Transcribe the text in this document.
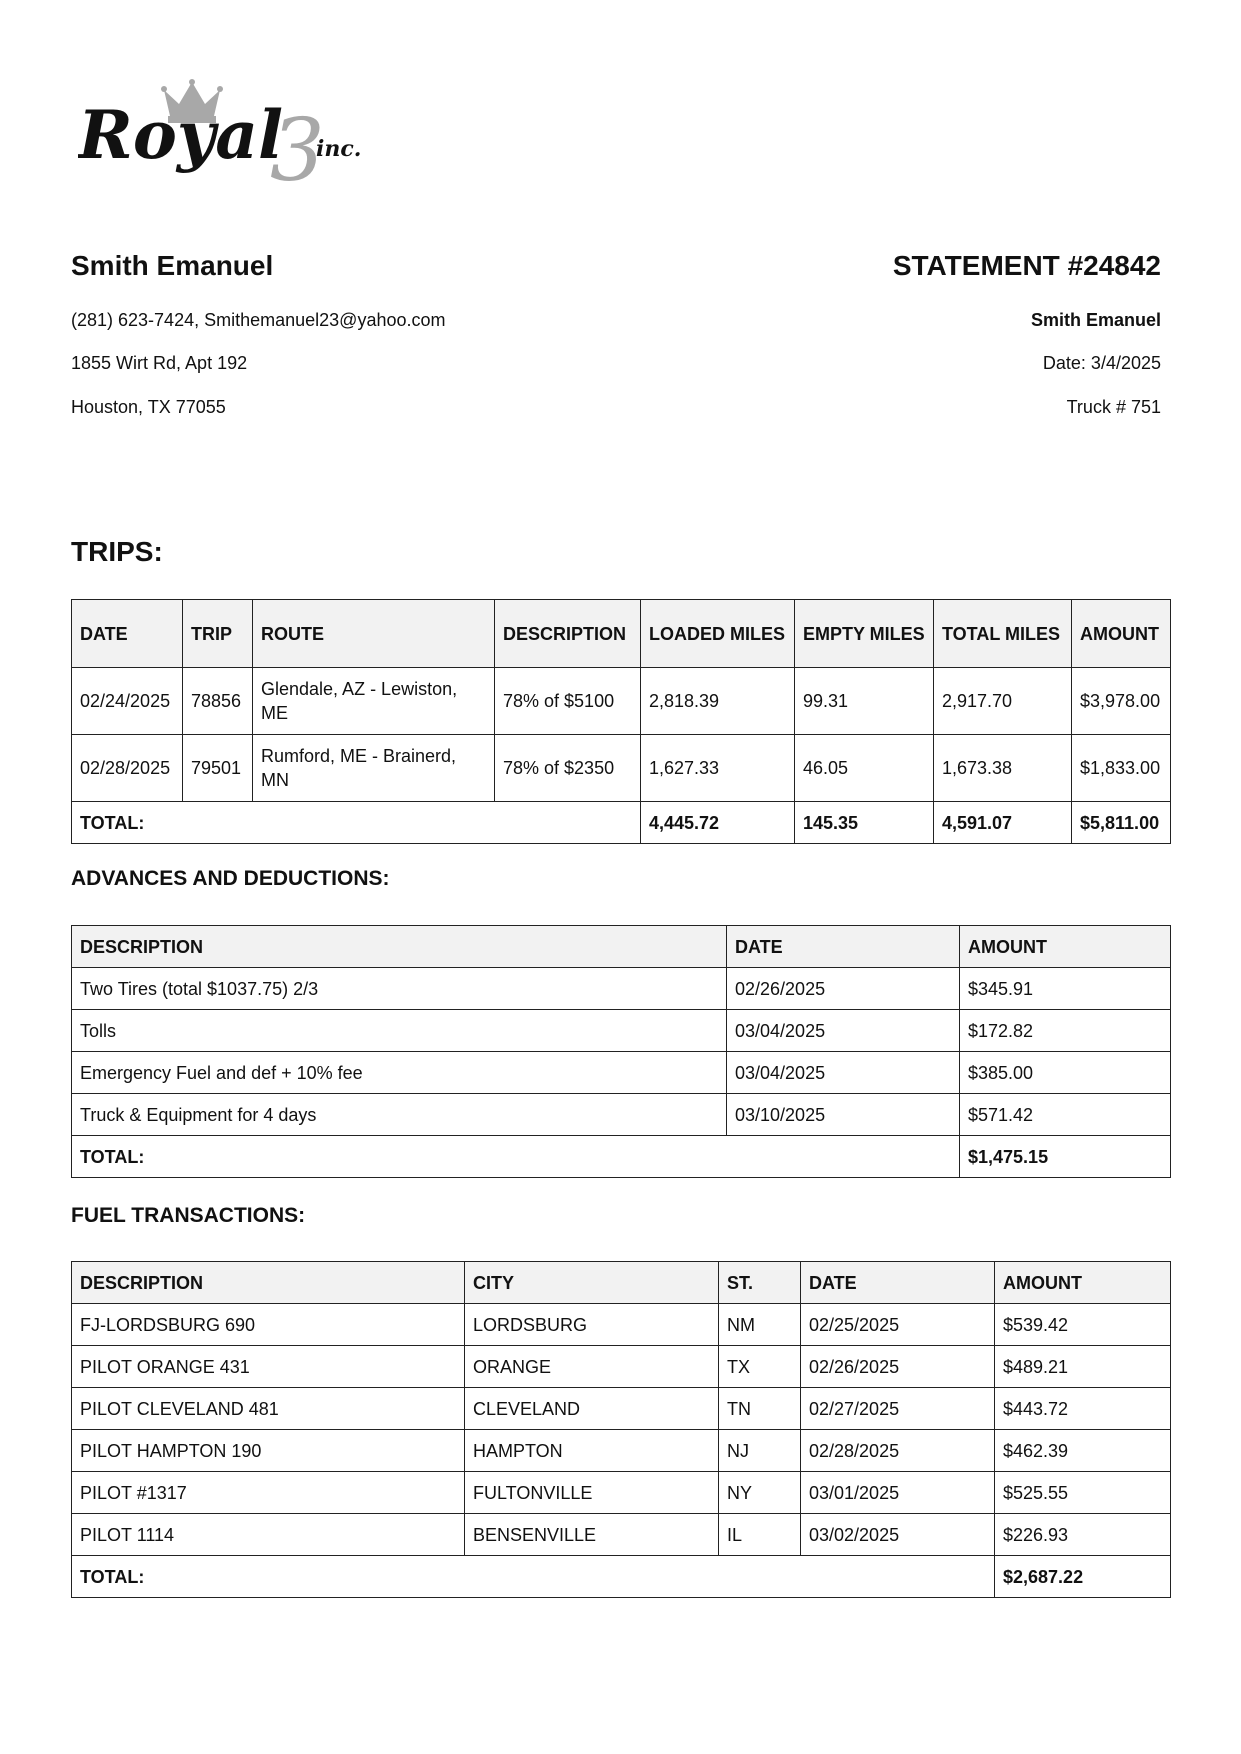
3
Royal inc.
Smith Emanuel
(281) 623-7424, Smithemanuel23@yahoo.com
1855 Wirt Rd, Apt 192
Houston, TX 77055
STATEMENT #24842
Smith Emanuel
Date: 3/4/2025
Truck # 751
TRIPS:
DATE	TRIP	ROUTE	DESCRIPTION	LOADED MILES	EMPTY MILES	TOTAL MILES	AMOUNT
02/24/2025	78856	Glendale, AZ - Lewiston, ME	78% of $5100	2,818.39	99.31	2,917.70	$3,978.00
02/28/2025	79501	Rumford, ME - Brainerd, MN	78% of $2350	1,627.33	46.05	1,673.38	$1,833.00
TOTAL:				4,445.72	145.35	4,591.07	$5,811.00
ADVANCES AND DEDUCTIONS:
DESCRIPTION	DATE	AMOUNT
Two Tires (total $1037.75) 2/3	02/26/2025	$345.91
Tolls	03/04/2025	$172.82
Emergency Fuel and def + 10% fee	03/04/2025	$385.00
Truck & Equipment for 4 days	03/10/2025	$571.42
TOTAL:		$1,475.15
FUEL TRANSACTIONS:
DESCRIPTION	CITY	ST.	DATE	AMOUNT
FJ-LORDSBURG 690	LORDSBURG	NM	02/25/2025	$539.42
PILOT ORANGE 431	ORANGE	TX	02/26/2025	$489.21
PILOT CLEVELAND 481	CLEVELAND	TN	02/27/2025	$443.72
PILOT HAMPTON 190	HAMPTON	NJ	02/28/2025	$462.39
PILOT #1317	FULTONVILLE	NY	03/01/2025	$525.55
PILOT 1114	BENSENVILLE	IL	03/02/2025	$226.93
TOTAL:				$2,687.22
